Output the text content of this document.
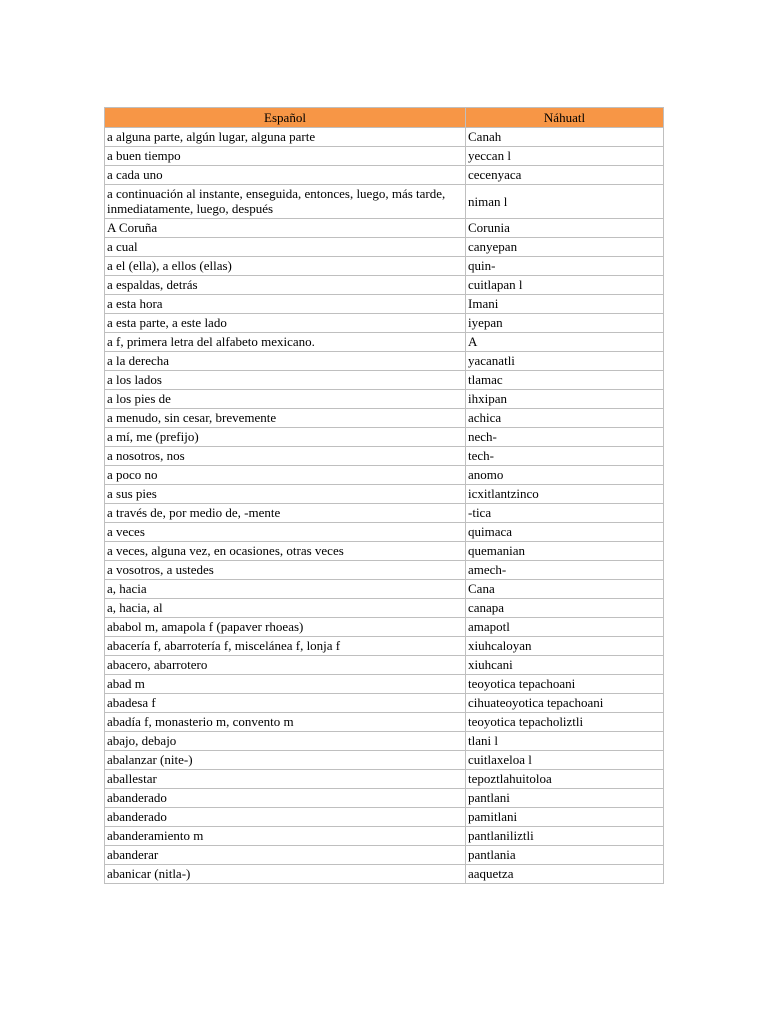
Español	Náhuatl
a alguna parte, algún lugar, alguna parte	Canah
a buen tiempo	yeccan l
a cada uno	cecenyaca
a continuación al instante, enseguida, entonces, luego, más tarde, inmediatamente, luego, después	niman l
A Coruña	Corunia
a cual	canyepan
a el (ella), a ellos (ellas)	quin-
a espaldas, detrás	cuitlapan l
a esta hora	Imani
a esta parte, a este lado	iyepan
a f, primera letra del alfabeto mexicano.	A
a la derecha	yacanatli
a los lados	tlamac
a los pies de	ihxipan
a menudo, sin cesar, brevemente	achica
a mí, me (prefijo)	nech-
a nosotros, nos	tech-
a poco no	anomo
a sus pies	icxitlantzinco
a través de, por medio de, -mente	-tica
a veces	quimaca
a veces, alguna vez, en ocasiones, otras veces	quemanian
a vosotros, a ustedes	amech-
a, hacia	Cana
a, hacia, al	canapa
ababol m, amapola f (papaver rhoeas)	amapotl
abacería f, abarrotería f, miscelánea f, lonja f	xiuhcaloyan
abacero, abarrotero	xiuhcani
abad m	teoyotica tepachoani
abadesa f	cihuateoyotica tepachoani
abadía f, monasterio m, convento m	teoyotica tepacholiztli
abajo, debajo	tlani l
abalanzar (nite-)	cuitlaxeloa l
aballestar	tepoztlahuitoloa
abanderado	pantlani
abanderado	pamitlani
abanderamiento m	pantlaniliztli
abanderar	pantlania
abanicar (nitla-)	aaquetza
